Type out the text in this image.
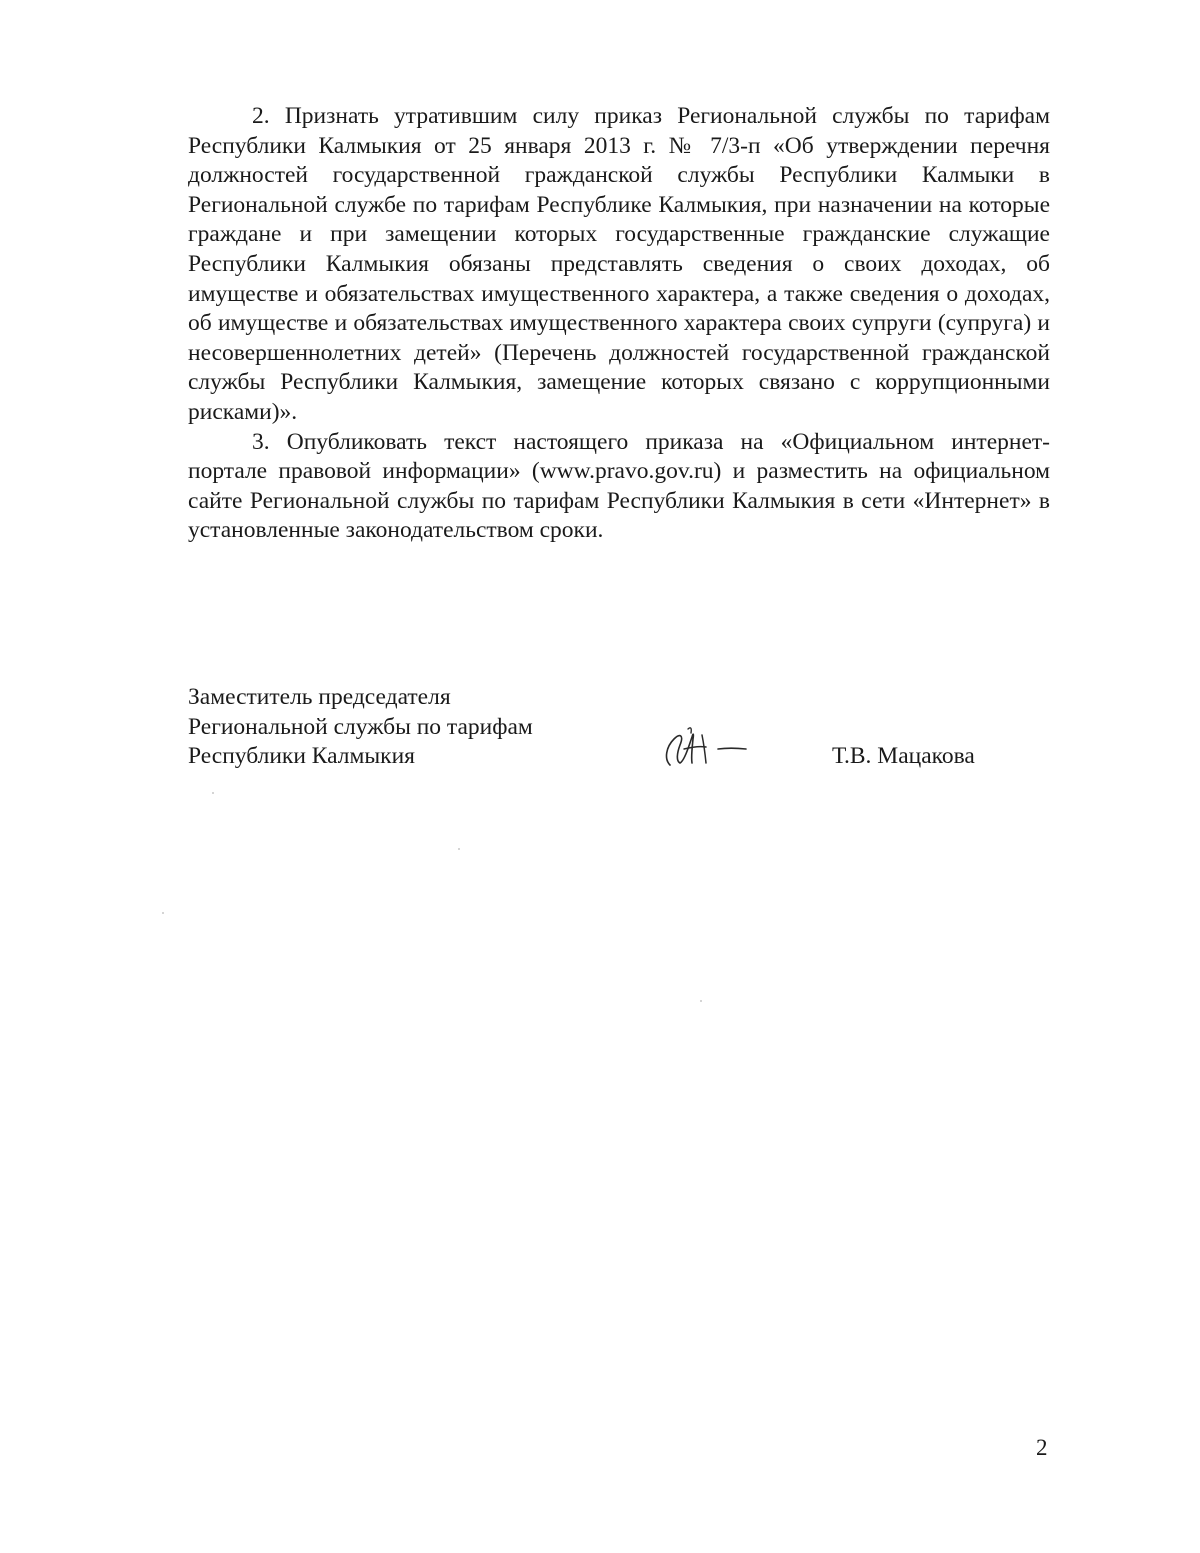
2. Признать утратившим силу приказ Региональной службы по тарифам Республики Калмыкия от 25 января 2013 г. № 7/3-п «Об утверждении перечня должностей государственной гражданской службы Республики Калмыки в Региональной службе по тарифам Республике Калмыкия, при назначении на которые граждане и при замещении которых государственные гражданские служащие Республики Калмыкия обязаны представлять сведения о своих доходах, об имуществе и обязательствах имущественного характера, а также сведения о доходах, об имуществе и обязательствах имущественного характера своих супруги (супруга) и несовершеннолетних детей» (Перечень должностей государственной гражданской службы Республики Калмыкия, замещение которых связано с коррупционными рисками)».

3. Опубликовать текст настоящего приказа на «Официальном интернет-портале правовой информации» (www.pravo.gov.ru) и разместить на официальном сайте Региональной службы по тарифам Республики Калмыкия в сети «Интернет» в установленные законодательством сроки.

Заместитель председателя
Региональной службы по тарифам
Республики Калмыкия	Т.В. Мацакова
2
